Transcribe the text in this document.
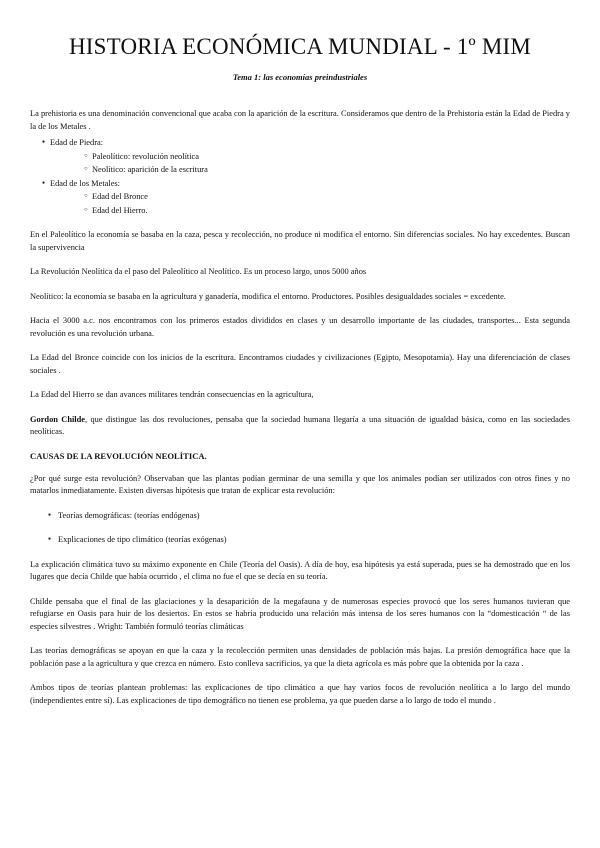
HISTORIA ECONÓMICA MUNDIAL - 1º MIM

Tema 1: las economías preindustriales

La prehistoria es una denominación convencional que acaba con la aparición de la escritura. Consideramos que dentro de la Prehistoria están la Edad de Piedra y la de los Metales .

● Edad de Piedra:
○ Paleolítico: revolución neolítica
○ Neolítico: aparición de la escritura
● Edad de los Metales:
○ Edad del Bronce
○ Edad del Hierro.

En el Paleolítico la economía se basaba en la caza, pesca y recolección, no produce ni modifica el entorno. Sin diferencias sociales. No hay excedentes. Buscan la supervivencia

La Revolución Neolítica da el paso del Paleolítico al Neolítico. Es un proceso largo, unos 5000 años

Neolítico: la economía se basaba en la agricultura y ganadería, modifica el entorno. Productores. Posibles desigualdades sociales = excedente.

Hacia el 3000 a.c. nos encontramos con los primeros estados divididos en clases y un desarrollo importante de las ciudades, transportes... Esta segunda revolución es una revolución urbana.

La Edad del Bronce coincide con los inicios de la escritura. Encontramos ciudades y civilizaciones (Egipto, Mesopotamia). Hay una diferenciación de clases sociales .

La Edad del Hierro se dan avances militares tendrán consecuencias en la agricultura,

Gordon Childe, que distingue las dos revoluciones, pensaba que la sociedad humana llegaría a una situación de igualdad básica, como en las sociedades neolíticas.

CAUSAS DE LA REVOLUCIÓN NEOLÍTICA.

¿Por qué surge esta revolución? Observaban que las plantas podían germinar de una semilla y que los animales podían ser utilizados con otros fines y no matarlos inmediatamente. Existen diversas hipótesis que tratan de explicar esta revolución:

● Teorías demográficas: (teorías endógenas)
● Explicaciones de tipo climático (teorías exógenas)

La explicación climática tuvo su máximo exponente en Chile (Teoría del Oasis). A día de hoy, esa hipótesis ya está superada, pues se ha demostrado que en los lugares que decía Childe que había ocurrido , el clima no fue el que se decía en su teoría.

Childe pensaba que el final de las glaciaciones y la desaparición de la megafauna y de numerosas especies provocó que los seres humanos tuvieran que refugiarse en Oasis para huir de los desiertos. En estos se habría producido una relación más intensa de los seres humanos con la “domesticación “ de las especies silvestres . Wright: También formuló teorías climáticas

Las teorías demográficas se apoyan en que la caza y la recolección permiten unas densidades de población más bajas. La presión demográfica hace que la población pase a la agricultura y que crezca en número. Esto conlleva sacrificios, ya que la dieta agrícola es más pobre que la obtenida por la caza .

Ambos tipos de teorías plantean problemas: las explicaciones de tipo climático a que hay varios focos de revolución neolítica a lo largo del mundo (independientes entre sí). Las explicaciones de tipo demográfico no tienen ese problema, ya que pueden darse a lo largo de todo el mundo .
